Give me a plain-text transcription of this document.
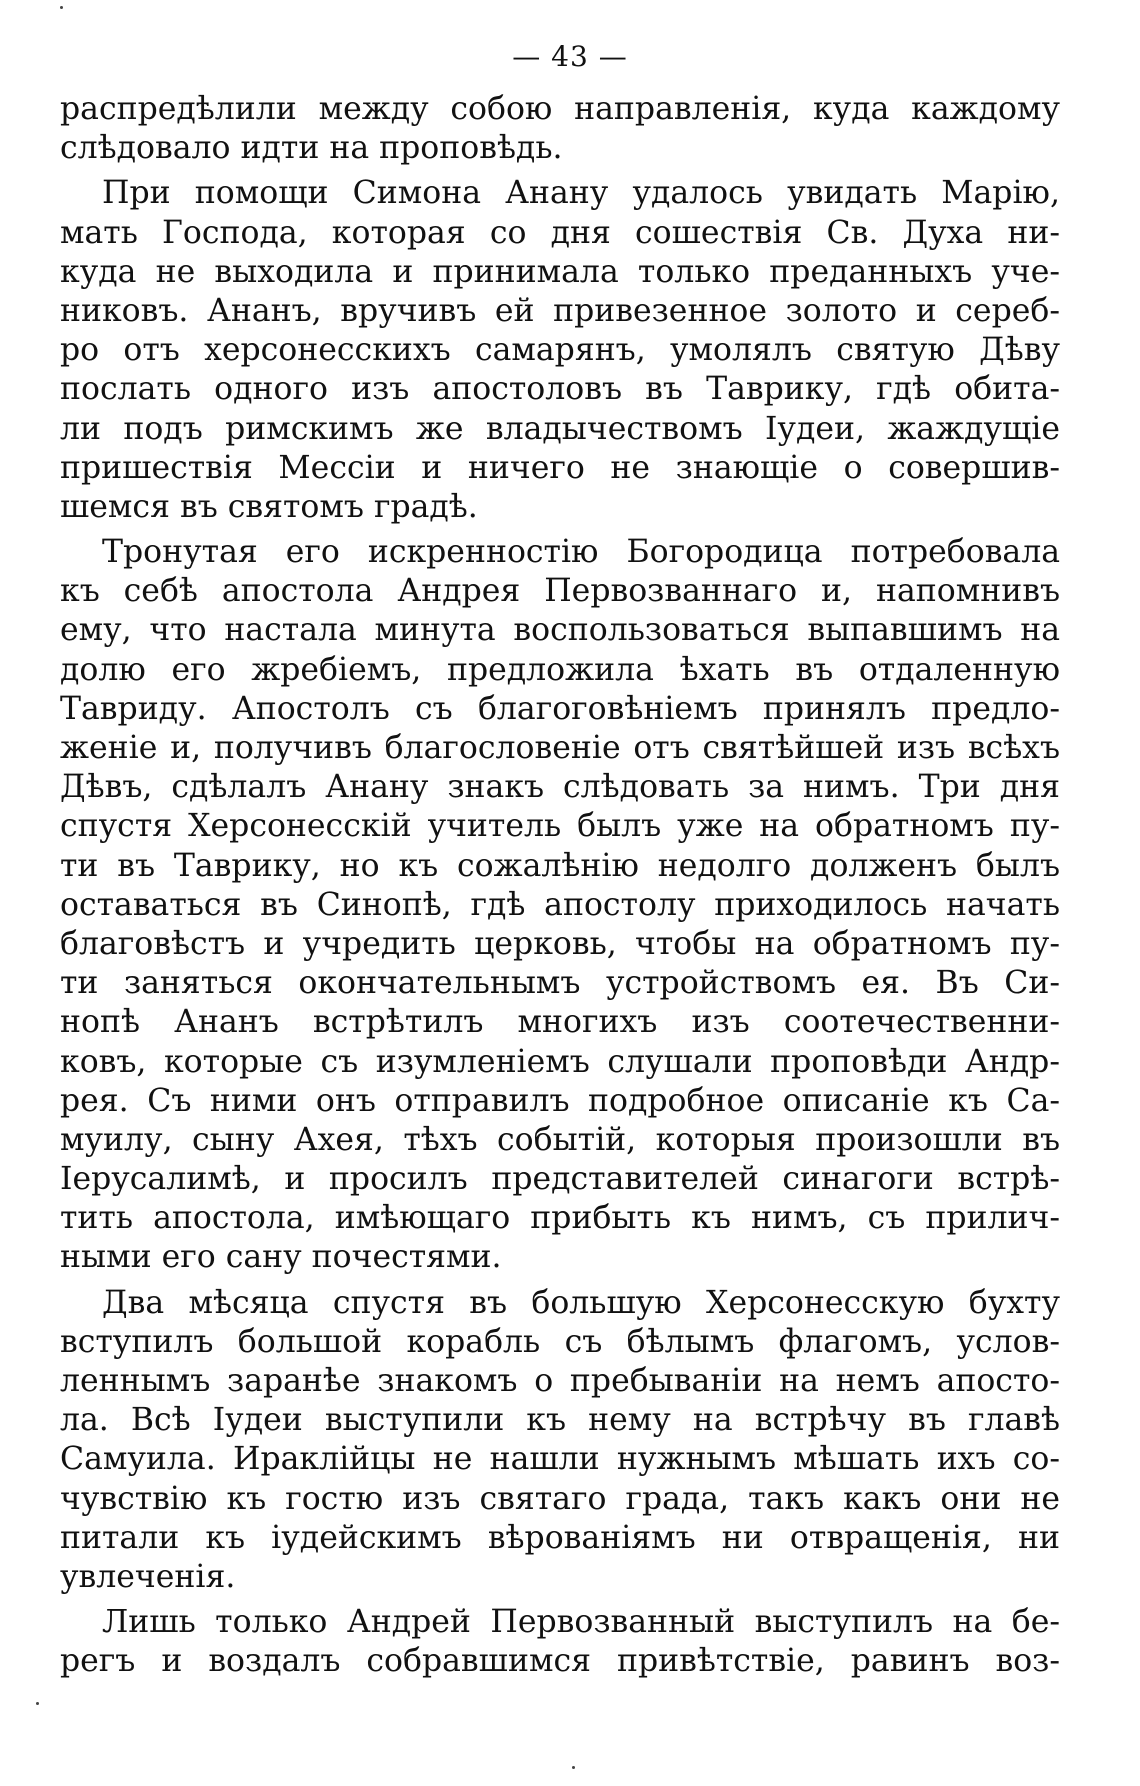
— 43 —
распредѣлили между собою направленія, куда каждому
слѣдовало идти на проповѣдь.
При помощи Симона Анану удалось увидать Марію,
мать Господа, которая со дня сошествія Св. Духа ни-
куда не выходила и принимала только преданныхъ уче-
никовъ. Ананъ, вручивъ ей привезенное золото и сереб-
ро отъ херсонесскихъ самарянъ, умолялъ святую Дѣву
послать одного изъ апостоловъ въ Таврику, гдѣ обита-
ли подъ римскимъ же владычествомъ Іудеи, жаждущіе
пришествія Мессіи и ничего не знающіе о совершив-
шемся въ святомъ градѣ.
Тронутая его искренностію Богородица потребовала
къ себѣ апостола Андрея Первозваннаго и, напомнивъ
ему, что настала минута воспользоваться выпавшимъ на
долю его жребіемъ, предложила ѣхать въ отдаленную
Тавриду. Апостолъ съ благоговѣніемъ принялъ предло-
женіе и, получивъ благословеніе отъ святѣйшей изъ всѣхъ
Дѣвъ, сдѣлалъ Анану знакъ слѣдовать за нимъ. Три дня
спустя Херсонесскій учитель былъ уже на обратномъ пу-
ти въ Таврику, но къ сожалѣнію недолго долженъ былъ
оставаться въ Синопѣ, гдѣ апостолу приходилось начать
благовѣстъ и учредить церковь, чтобы на обратномъ пу-
ти заняться окончательнымъ устройствомъ ея. Въ Си-
нопѣ Ананъ встрѣтилъ многихъ изъ соотечественни-
ковъ, которые съ изумленіемъ слушали проповѣди Андр-
рея. Съ ними онъ отправилъ подробное описаніе къ Са-
муилу, сыну Ахея, тѣхъ событій, которыя произошли въ
Іерусалимѣ, и просилъ представителей синагоги встрѣ-
тить апостола, имѣющаго прибыть къ нимъ, съ прилич-
ными его сану почестями.
Два мѣсяца спустя въ большую Херсонесскую бухту
вступилъ большой корабль съ бѣлымъ флагомъ, услов-
леннымъ заранѣе знакомъ о пребываніи на немъ апосто-
ла. Всѣ Іудеи выступили къ нему на встрѣчу въ главѣ
Самуила. Ираклійцы не нашли нужнымъ мѣшать ихъ со-
чувствію къ гостю изъ святаго града, такъ какъ они не
питали къ іудейскимъ вѣрованіямъ ни отвращенія, ни
увлеченія.
Лишь только Андрей Первозванный выступилъ на бе-
регъ и воздалъ собравшимся привѣтствіе, равинъ воз-
